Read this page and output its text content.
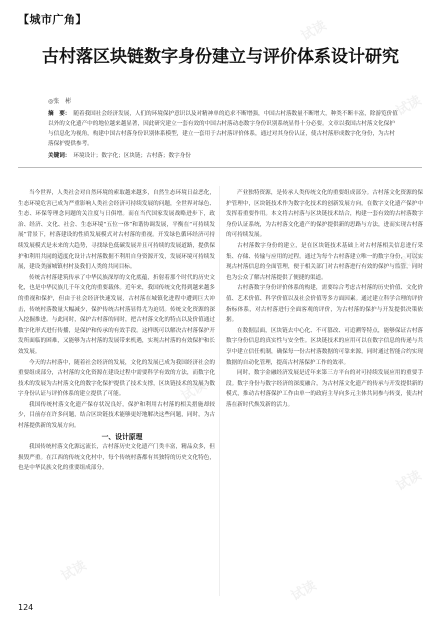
试读
试读
试读	试读
试读
试读
试读
试读
【城市广角】
古村落区块链数字身份建立与评价体系设计研究
◎张　彬
摘　要： 随着我国社会经济发展，人们的环境保护意识以及对精神单的追求不断增强，中国古村落数量不断增大，种类不断丰富，除游览价值以外的文化遗产中的地位越来越显著，因此研究建立一套有效的中国古村落动态数字身份识别系统显得十分必要。文章以我国古村落文化保护与信息化为视角，构建中国古村落身份识别体系模型，建立一套用于古村落评价体系，通过对其身份认证，使古村落形成数字化身份，为古村落保护提供参考。
关键词： 环境设计；数字化；区块链；古村落；数字身份

当今世界，人类社会对自然环境的索取越来越多，自然生态环境日益恶化，生态环境危害已成为严重影响人类社会经济可持续发展的问题，全世界对绿色、生态、环保等理念问题的关注度与日俱增。而在当代国家发展战略进步下，政治、经济、文化、社会、生态环境“五位一体”和谐协调发展，平衡在“可持续发展”背景下，村落建设的性质发展模式对古村落的重视。开发绿色循环经济可持续发展模式是未来的大趋势，寻找绿色低碳发展并且可持续的发展道路，提供保护和利用共同的适度化设计古村落数据不利用自身资源开发，发展环境可持续发展，建设美丽城镇村村及我们人类的共同目标。

传统古村落建筑传承了中华民族深厚的文化底蕴，折射着那个时代的历史文化，也是中华民族几千年文化的重要载体。近年来，我国传统文化得到越来越多的重视和保护，但由于社会经济快速发展，古村落在城镇化进程中遭到巨大冲击，传统村落数量大幅减少，保护传统古村落显得尤为迫切。传统文化资源的深入挖掘推进。与此同时，保护古村落的同时，把古村落文化的特点以及价值通过数字化形式进行传播，是保护和传承的有效手段。这样既可以解决古村落保护开发所面临的困难，又能够为古村落的发展带来机遇，实现古村落的有效保护和长效发展。

今天的古村落中，随着社会经济的发展，文化的发展已成为我国经济社会的重要组成部分，古村落的文化资源在建设过程中需要科学有效的方法，而数字化技术的发展为古村落文化的数字化保护提供了技术支撑，区块链技术的发展为数字身份认证与评价体系的建立提供了可能。

我国传统村落文化遗产保存状况良好，保护和利用古村落的相关措施却较少，目前存在许多问题，结合区块链技术能够更好地解决这些问题，同时，为古村落提供新的发展方向。

一、设计原理

我国传统村落文化源远流长，古村落历史文化遗产门类丰富，精品众多，但损毁严重。在江西的传统文化村中，每个传统村落都有其独特的历史文化特色，也是中华民族文化的重要组成部分。

产业独特资源，是传承人类传统文化的重要组成部分。古村落文化资源的保护管理中，区块链技术作为数字化技术的创新发展方向，在数字文化遗产保护中发挥着重要作用。本文将古村落与区块链技术结合，构建一套有效的古村落数字身份认证系统，为古村落文化遗产的保护提供新的思路与方法，进而实现古村落的可持续发展。

古村落数字身份的建立，是在区块链技术基础上对古村落相关信息进行采集、存储、传输与应用的过程。通过为每个古村落建立唯一的数字身份，可以实现古村落信息的全面管理，便于相关部门对古村落进行有效的保护与监管，同时也为公众了解古村落提供了便捷的渠道。

古村落数字身份评价体系的构建，需要综合考虑古村落的历史价值、文化价值、艺术价值、科学价值以及社会价值等多方面因素。通过建立科学合理的评价指标体系，对古村落进行全面客观的评价，为古村落的保护与开发提供决策依据。

在数据层面，区块链去中心化、不可篡改、可追溯等特点，能够保证古村落数字身份信息的真实性与安全性。区块链技术的应用可以在数字信息的传递与共享中建立信任机制，确保每一份古村落数据的可靠来源，同时通过智能合约实现数据的自动化管理，提高古村落保护工作的效率。

同时，数字金融经济发展是近年来第三方平台的对可持续发展应用的重要手段。数字身份与数字经济的深度融合，为古村落文化遗产的传承与开发提供新的模式，推动古村落保护工作由单一的政府主导向多元主体共同参与转变，使古村落在新时代焕发新的活力。

124
